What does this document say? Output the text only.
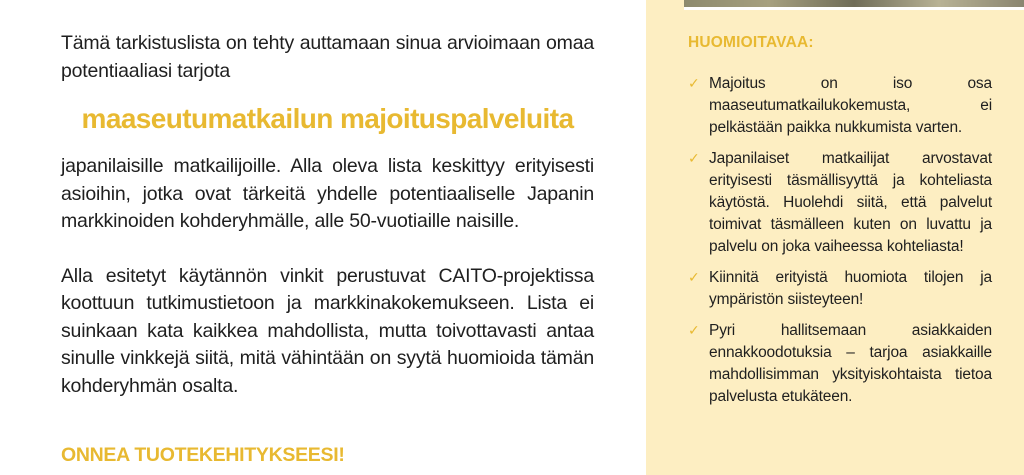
Tämä tarkistuslista on tehty auttamaan sinua arvioimaan omaa potentiaaliasi tarjota

maaseutumatkailun majoituspalveluita

japanilaisille matkailijoille. Alla oleva lista keskittyy erityisesti asioihin, jotka ovat tärkeitä yhdelle potentiaaliselle Japanin markkinoiden kohderyhmälle, alle 50-vuotiaille naisille.

Alla esitetyt käytännön vinkit perustuvat CAITO-projektissa koottuun tutkimustietoon ja markkinakokemukseen. Lista ei suinkaan kata kaikkea mahdollista, mutta toivottavasti antaa sinulle vinkkejä siitä, mitä vähintään on syytä huomioida tämän kohderyhmän osalta.

ONNEA TUOTEKEHITYKSEESI!
HUOMIOITAVAA:
✓ Majoitus on iso osa maaseutumatkailukokemusta, ei pelkästään paikka nukkumista varten.
✓ Japanilaiset matkailijat arvostavat erityisesti täsmällisyyttä ja kohteliasta käytöstä. Huolehdi siitä, että palvelut toimivat täsmälleen kuten on luvattu ja palvelu on joka vaiheessa kohteliasta!
✓ Kiinnitä erityistä huomiota tilojen ja ympäristön siisteyteen!
✓ Pyri hallitsemaan asiakkaiden ennakkoodotuksia – tarjoa asiakkaille mahdollisimman yksityiskohtaista tietoa palvelusta etukäteen.
